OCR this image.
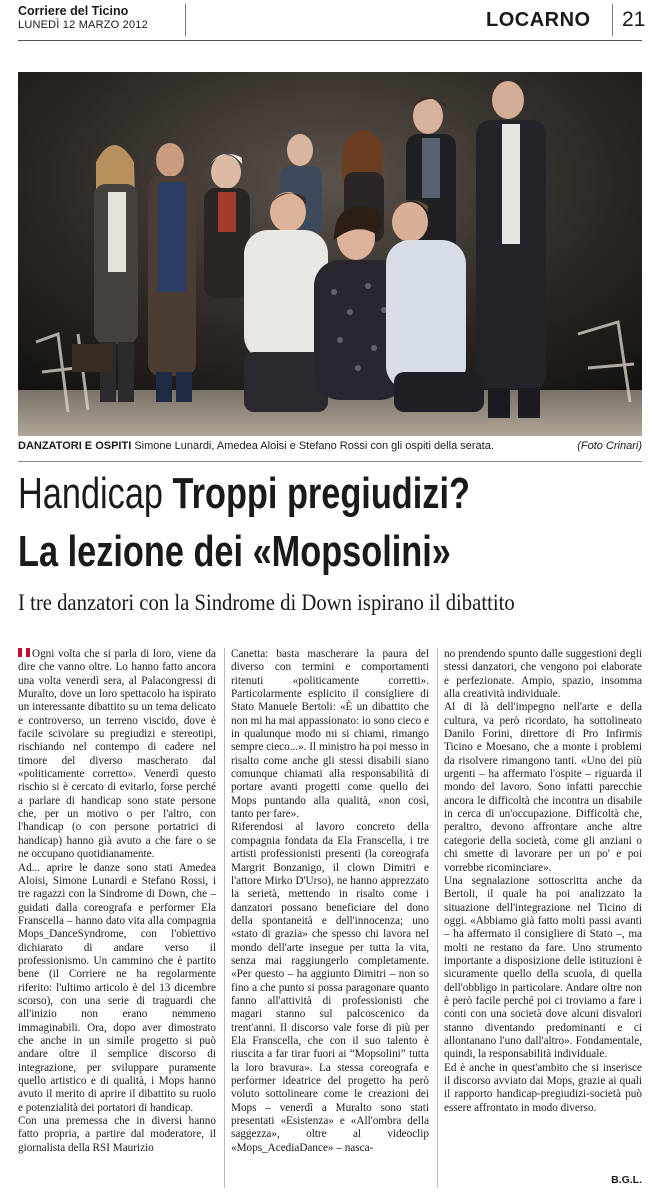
Corriere del Ticino
LUNEDÌ 12 MARZO 2012	LOCARNO 21
DANZATORI E OSPITI Simone Lunardi, Amedea Aloisi e Stefano Rossi con gli ospiti della serata.	(Foto Crinari)
Handicap Troppi pregiudizi?
La lezione dei «Mopsolini»
I tre danzatori con la Sindrome di Down ispirano il dibattito

Ogni volta che si parla di loro, viene da dire che vanno oltre. Lo hanno fatto ancora una volta venerdì sera, al Palacongressi di Muralto, dove un loro spettacolo ha ispirato un interessante dibattito su un tema delicato e controverso, un terreno viscido, dove è facile scivolare su pregiudizi e stereotipi, rischiando nel contempo di cadere nel timore del diverso mascherato dal «politicamente corretto». Venerdì questo rischio si è cercato di evitarlo, forse perché a parlare di handicap sono state persone che, per un motivo o per l'altro, con l'handicap (o con persone portatrici di handicap) hanno già avuto a che fare o se ne occupano quotidianamente.

Ad... aprire le danze sono stati Amedea Aloisi, Simone Lunardi e Stefano Rossi, i tre ragazzi con la Sindrome di Down, che – guidati dalla coreografa e performer Ela Franscella – hanno dato vita alla compagnia Mops_DanceSyndrome, con l'obiettivo dichiarato di andare verso il professionismo. Un cammino che è partito bene (il Corriere ne ha regolarmente riferito: l'ultimo articolo è del 13 dicembre scorso), con una serie di traguardi che all'inizio non erano nemmeno immaginabili. Ora, dopo aver dimostrato che anche in un simile progetto si può andare oltre il semplice discorso di integrazione, per sviluppare puramente quello artistico e di qualità, i Mops hanno avuto il merito di aprire il dibattito su ruolo e potenzialità dei portatori di handicap.

Con una premessa che in diversi hanno fatto propria, a partire dal moderatore, il giornalista della RSI Maurizio

Canetta: basta mascherare la paura del diverso con termini e comportamenti ritenuti «politicamente corretti». Particolarmente esplicito il consigliere di Stato Manuele Bertoli: «È un dibattito che non mi ha mai appassionato: io sono cieco e in qualunque modo mi si chiami, rimango sempre cieco...». Il ministro ha poi messo in risalto come anche gli stessi disabili siano comunque chiamati alla responsabilità di portare avanti progetti come quello dei Mops puntando alla qualità, «non così, tanto per fare».

Riferendosi al lavoro concreto della compagnia fondata da Ela Franscella, i tre artisti professionisti presenti (la coreografa Margrit Bonzanigo, il clown Dimitri e l'attore Mirko D'Urso), ne hanno apprezzato la serietà, mettendo in risalto come i danzatori possano beneficiare del dono della spontaneità e dell'innocenza; uno «stato di grazia» che spesso chi lavora nel mondo dell'arte insegue per tutta la vita, senza mai raggiungerlo completamente. «Per questo – ha aggiunto Dimitri – non so fino a che punto si possa paragonare quanto fanno all'attività di professionisti che magari stanno sul palcoscenico da trent'anni. Il discorso vale forse di più per Ela Franscella, che con il suo talento è riuscita a far tirar fuori ai “Mopsolini” tutta la loro bravura». La stessa coreografa e performer ideatrice del progetto ha però voluto sottolineare come le creazioni dei Mops – venerdì a Muralto sono stati presentati «Esistenza» e «All'ombra della saggezza», oltre al videoclip «Mops_AcediaDance» – nasca-

no prendendo spunto dalle suggestioni degli stessi danzatori, che vengono poi elaborate e perfezionate. Ampio, spazio, insomma alla creatività individuale.

Al di là dell'impegno nell'arte e della cultura, va però ricordato, ha sottolineato Danilo Forini, direttore di Pro Infirmis Ticino e Moesano, che a monte i problemi da risolvere rimangono tanti. «Uno dei più urgenti – ha affermato l'ospite – riguarda il mondo del lavoro. Sono infatti parecchie ancora le difficoltà che incontra un disabile in cerca di un'occupazione. Difficoltà che, peraltro, devono affrontare anche altre categorie della società, come gli anziani o chi smette di lavorare per un po' e poi vorrebbe ricominciare».

Una segnalazione sottoscritta anche da Bertoli, il quale ha poi analizzato la situazione dell'integrazione nel Ticino di oggi. «Abbiamo già fatto molti passi avanti – ha affermato il consigliere di Stato –, ma molti ne restano da fare. Uno strumento importante a disposizione delle istituzioni è sicuramente quello della scuola, di quella dell'obbligo in particolare. Andare oltre non è però facile perché poi ci troviamo a fare i conti con una società dove alcuni disvalori stanno diventando predominanti e ci allontanano l'uno dall'altro». Fondamentale, quindi, la responsabilità individuale.

Ed è anche in quest'ambito che si inserisce il discorso avviato dai Mops, grazie ai quali il rapporto handicap-pregiudizi-società può essere affrontato in modo diverso.

B.G.L.
